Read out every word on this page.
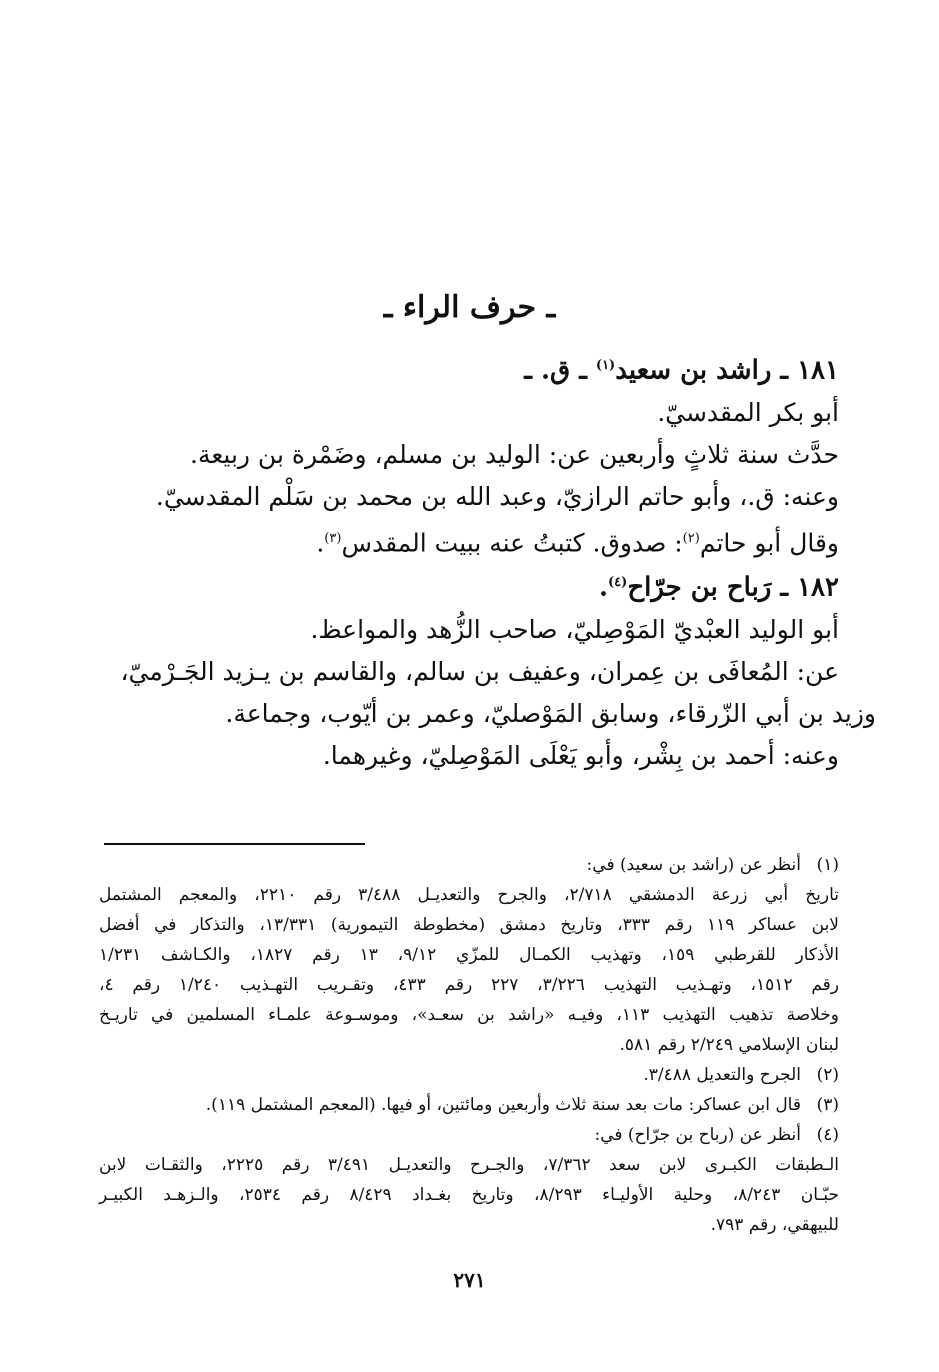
ـ حرف الراء ـ
١٨١ ـ راشد بن سعيد$^{(١)}$ ـ ق. ـ
أبو بكر المقدسيّ.
حدَّث سنة ثلاثٍ وأربعين عن: الوليد بن مسلم، وضَمْرة بن ربيعة.
وعنه: ق.، وأبو حاتم الرازيّ، وعبد الله بن محمد بن سَلْم المقدسيّ.
وقال أبو حاتم$^{(٢)}$: صدوق. كتبتُ عنه ببيت المقدس$^{(٣)}$.
١٨٢ ـ رَباح بن جرّاح$^{(٤)}$.
أبو الوليد العبْديّ المَوْصِليّ، صاحب الزُّهد والمواعظ.
عن: المُعافَى بن عِمران، وعفيف بن سالم، والقاسم بن يـزيد الجَـرْميّ،
وزيد بن أبي الزّرقاء، وسابق المَوْصليّ، وعمر بن أيّوب، وجماعة.
وعنه: أحمد بن بِشْر، وأبو يَعْلَى المَوْصِليّ، وغيرهما.
(١)
أنظر عن (راشد بن سعيد) في:
تاريخ أبي زرعة الدمشقي ٢/٧١٨، والجرح والتعديـل ٣/٤٨٨ رقم ٢٢١٠، والمعجم المشتمل
لابن عساكر ١١٩ رقم ٣٣٣، وتاريخ دمشق (مخطوطة التيمورية) ١٣/٣٣١، والتذكار في أفضل
الأذكار للقرطبي ١٥٩، وتهذيب الكمـال للمزّي ٩/١٢، ١٣ رقم ١٨٢٧، والكـاشف ١/٢٣١
رقم ١٥١٢، وتهـذيب التهذيب ٣/٢٢٦، ٢٢٧ رقم ٤٣٣، وتقـريب التهـذيب ١/٢٤٠ رقم ٤،
وخلاصة تذهيب التهذيب ١١٣، وفيـه «راشد بن سعـد»، وموسـوعة علمـاء المسلمين في تاريـخ
لبنان الإسلامي ٢/٢٤٩ رقم ٥٨١.
(٢)
الجرح والتعديل ٣/٤٨٨.
(٣)
قال ابن عساكر: مات بعد سنة ثلاث وأربعين ومائتين، أو فيها. (المعجم المشتمل ١١٩).
(٤)
أنظر عن (رباح بن جرّاح) في:
الـطبقات الكبـرى لابن سعد ٧/٣٦٢، والجـرح والتعديـل ٣/٤٩١ رقم ٢٢٢٥، والثقـات لابن
حبّـان ٨/٢٤٣، وحلية الأوليـاء ٨/٢٩٣، وتاريخ بغـداد ٨/٤٢٩ رقم ٢٥٣٤، والـزهـد الكبيـر
للبيهقي، رقم ٧٩٣.
٢٧١
